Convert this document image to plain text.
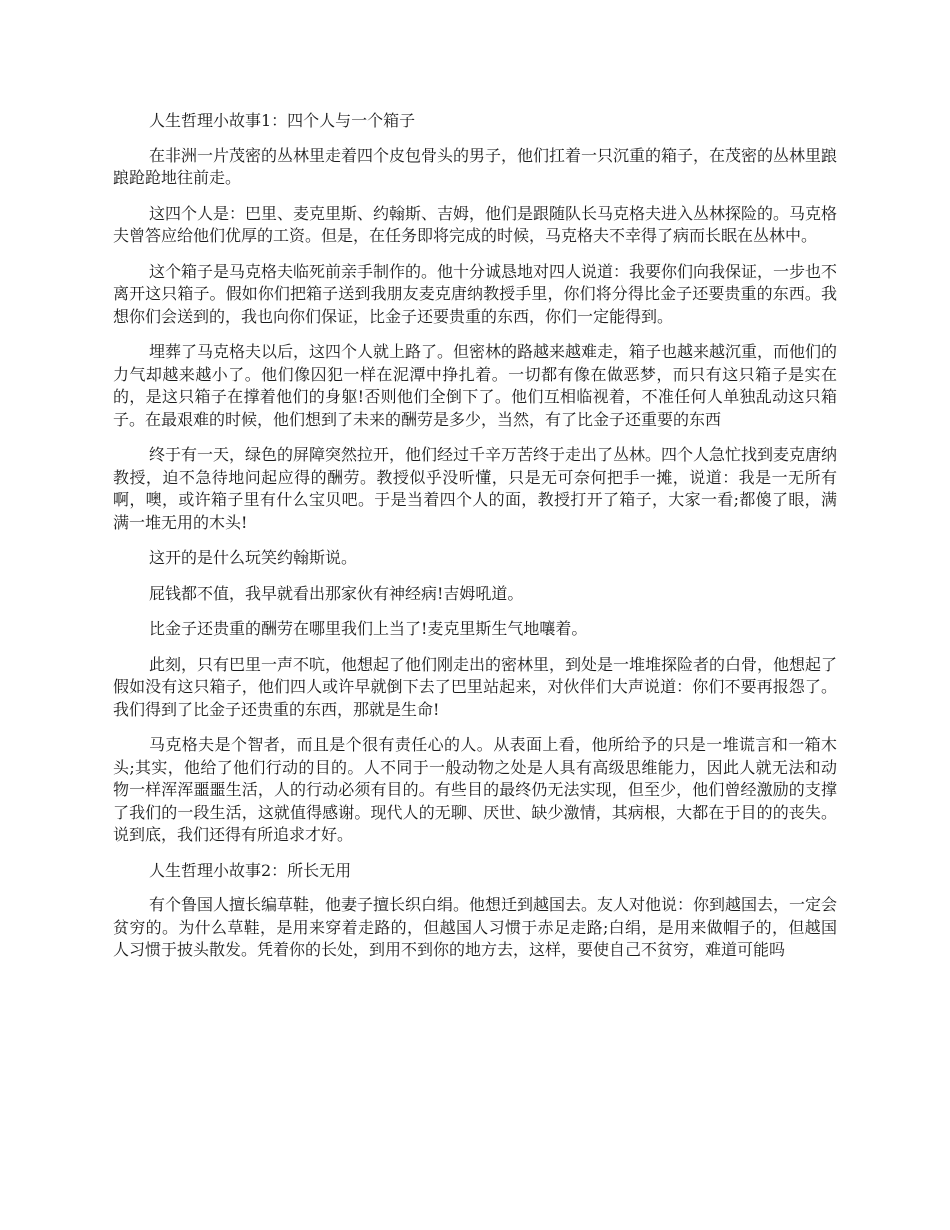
人生哲理小故事1：四个人与一个箱子

在非洲一片茂密的丛林里走着四个皮包骨头的男子，他们扛着一只沉重的箱子，在茂密的丛林里踉踉跄跄地往前走。

这四个人是：巴里、麦克里斯、约翰斯、吉姆，他们是跟随队长马克格夫进入丛林探险的。马克格夫曾答应给他们优厚的工资。但是，在任务即将完成的时候，马克格夫不幸得了病而长眠在丛林中。

这个箱子是马克格夫临死前亲手制作的。他十分诚恳地对四人说道：我要你们向我保证，一步也不离开这只箱子。假如你们把箱子送到我朋友麦克唐纳教授手里，你们将分得比金子还要贵重的东西。我想你们会送到的，我也向你们保证，比金子还要贵重的东西，你们一定能得到。

埋葬了马克格夫以后，这四个人就上路了。但密林的路越来越难走，箱子也越来越沉重，而他们的力气却越来越小了。他们像囚犯一样在泥潭中挣扎着。一切都有像在做恶梦，而只有这只箱子是实在的，是这只箱子在撑着他们的身躯!否则他们全倒下了。他们互相临视着，不准任何人单独乱动这只箱子。在最艰难的时候，他们想到了未来的酬劳是多少，当然，有了比金子还重要的东西

终于有一天，绿色的屏障突然拉开，他们经过千辛万苦终于走出了丛林。四个人急忙找到麦克唐纳教授，迫不急待地问起应得的酬劳。教授似乎没听懂，只是无可奈何把手一摊，说道：我是一无所有啊，噢，或许箱子里有什么宝贝吧。于是当着四个人的面，教授打开了箱子，大家一看;都傻了眼，满满一堆无用的木头!

这开的是什么玩笑约翰斯说。

屁钱都不值，我早就看出那家伙有神经病!吉姆吼道。

比金子还贵重的酬劳在哪里我们上当了!麦克里斯生气地嚷着。

此刻，只有巴里一声不吭，他想起了他们刚走出的密林里，到处是一堆堆探险者的白骨，他想起了假如没有这只箱子，他们四人或许早就倒下去了巴里站起来，对伙伴们大声说道：你们不要再报怨了。我们得到了比金子还贵重的东西，那就是生命!

马克格夫是个智者，而且是个很有责任心的人。从表面上看，他所给予的只是一堆谎言和一箱木头;其实，他给了他们行动的目的。人不同于一般动物之处是人具有高级思维能力，因此人就无法和动物一样浑浑噩噩生活，人的行动必须有目的。有些目的最终仍无法实现，但至少，他们曾经激励的支撑了我们的一段生活，这就值得感谢。现代人的无聊、厌世、缺少激情，其病根，大都在于目的的丧失。说到底，我们还得有所追求才好。

人生哲理小故事2：所长无用

有个鲁国人擅长编草鞋，他妻子擅长织白绢。他想迁到越国去。友人对他说：你到越国去，一定会贫穷的。为什么草鞋，是用来穿着走路的，但越国人习惯于赤足走路;白绢，是用来做帽子的，但越国人习惯于披头散发。凭着你的长处，到用不到你的地方去，这样，要使自己不贫穷，难道可能吗
